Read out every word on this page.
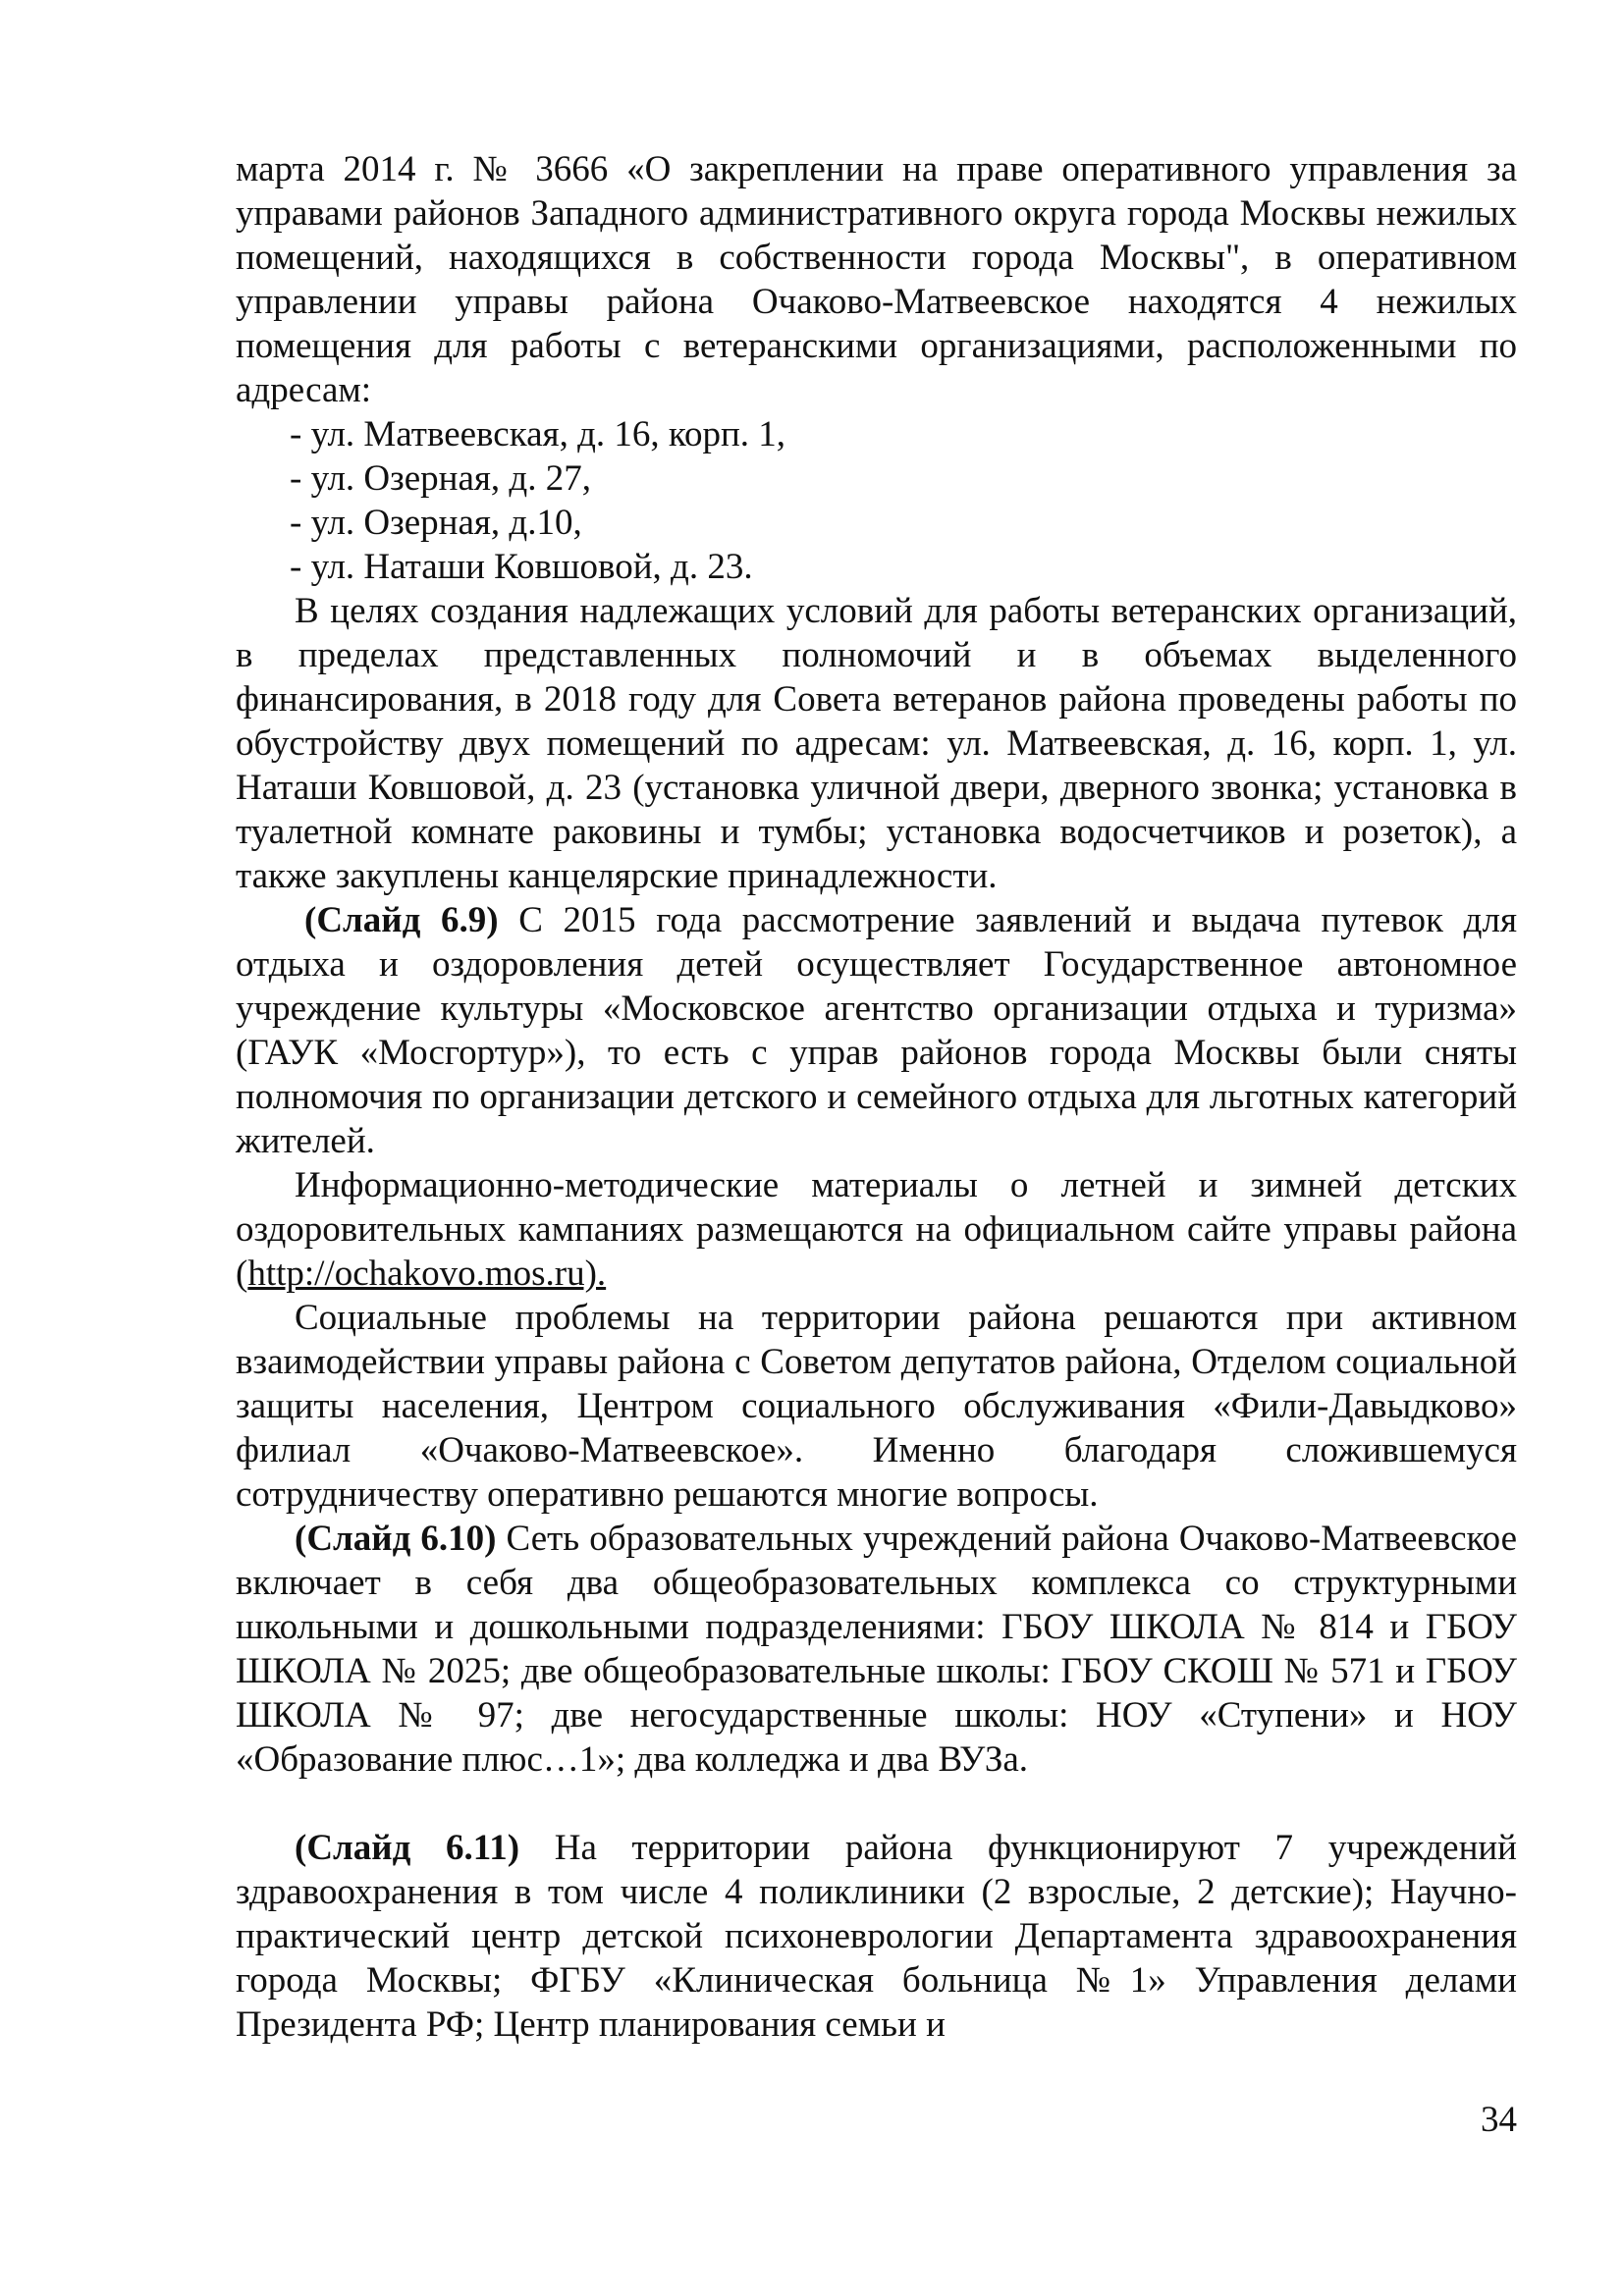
марта 2014 г. № 3666 «О закреплении на праве оперативного управления за управами районов Западного административного округа города Москвы нежилых помещений, находящихся в собственности города Москвы", в оперативном управлении управы района Очаково-Матвеевское находятся 4 нежилых помещения для работы с ветеранскими организациями, расположенными по адресам:

- ул. Матвеевская, д. 16, корп. 1,

- ул. Озерная, д. 27,

- ул. Озерная, д.10,

- ул. Наташи Ковшовой, д. 23.

В целях создания надлежащих условий для работы ветеранских организаций, в пределах представленных полномочий и в объемах выделенного финансирования, в 2018 году для Совета ветеранов района проведены работы по обустройству двух помещений по адресам: ул. Матвеевская, д. 16, корп. 1, ул. Наташи Ковшовой, д. 23 (установка уличной двери, дверного звонка; установка в туалетной комнате раковины и тумбы; установка водосчетчиков и розеток), а также закуплены канцелярские принадлежности.

(Слайд 6.9) С 2015 года рассмотрение заявлений и выдача путевок для отдыха и оздоровления детей осуществляет Государственное автономное учреждение культуры «Московское агентство организации отдыха и туризма» (ГАУК «Мосгортур»), то есть с управ районов города Москвы были сняты полномочия по организации детского и семейного отдыха для льготных категорий жителей.

Информационно-методические материалы о летней и зимней детских оздоровительных кампаниях размещаются на официальном сайте управы района (http://ochakovo.mos.ru).

Социальные проблемы на территории района решаются при активном взаимодействии управы района с Советом депутатов района, Отделом социальной защиты населения, Центром социального обслуживания «Фили-Давыдково» филиал «Очаково-Матвеевское». Именно благодаря сложившемуся сотрудничеству оперативно решаются многие вопросы.

(Слайд 6.10) Сеть образовательных учреждений района Очаково-Матвеевское включает в себя два общеобразовательных комплекса со структурными школьными и дошкольными подразделениями: ГБОУ ШКОЛА № 814 и ГБОУ ШКОЛА № 2025; две общеобразовательные школы: ГБОУ СКОШ № 571 и ГБОУ ШКОЛА № 97; две негосударственные школы: НОУ «Ступени» и НОУ «Образование плюс…1»; два колледжа и два ВУЗа.

(Слайд 6.11) На территории района функционируют 7 учреждений здравоохранения в том числе 4 поликлиники (2 взрослые, 2 детские); Научно-практический центр детской психоневрологии Департамента здравоохранения города Москвы; ФГБУ «Клиническая больница №1» Управления делами Президента РФ; Центр планирования семьи и

34
